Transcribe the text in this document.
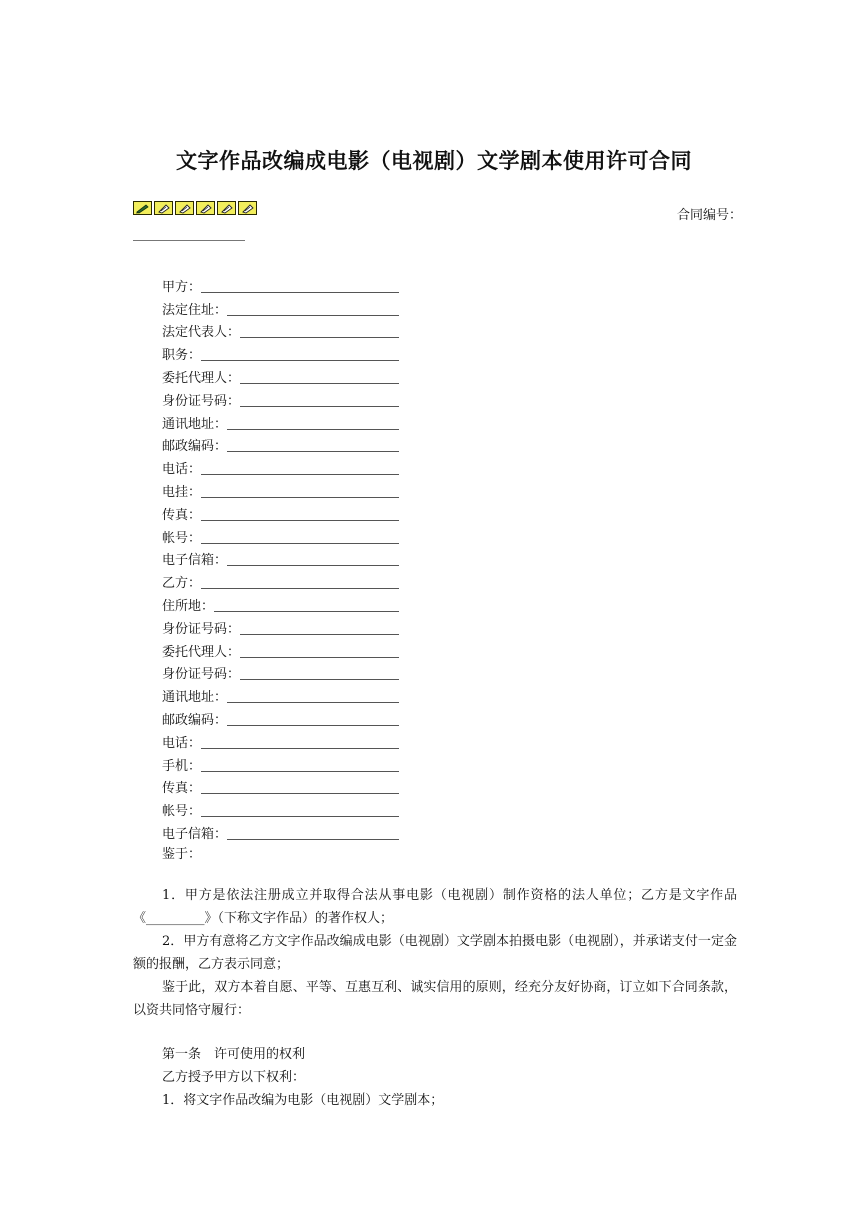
文字作品改编成电影（电视剧）文学剧本使用许可合同
合同编号：
甲方：
法定住址：
法定代表人：
职务：
委托代理人：
身份证号码：
通讯地址：
邮政编码：
电话：
电挂：
传真：
帐号：
电子信箱：
乙方：
住所地：
身份证号码：
委托代理人：
身份证号码：
通讯地址：
邮政编码：
电话：
手机：
传真：
帐号：
电子信箱：

鉴于：

1．甲方是依法注册成立并取得合法从事电影（电视剧）制作资格的法人单位；乙方是文字作品《_________》（下称文字作品）的著作权人；

2．甲方有意将乙方文字作品改编成电影（电视剧）文学剧本拍摄电影（电视剧），并承诺支付一定金额的报酬，乙方表示同意；

鉴于此，双方本着自愿、平等、互惠互利、诚实信用的原则，经充分友好协商，订立如下合同条款，以资共同恪守履行：

第一条　许可使用的权利

乙方授予甲方以下权利：

1．将文字作品改编为电影（电视剧）文学剧本；
